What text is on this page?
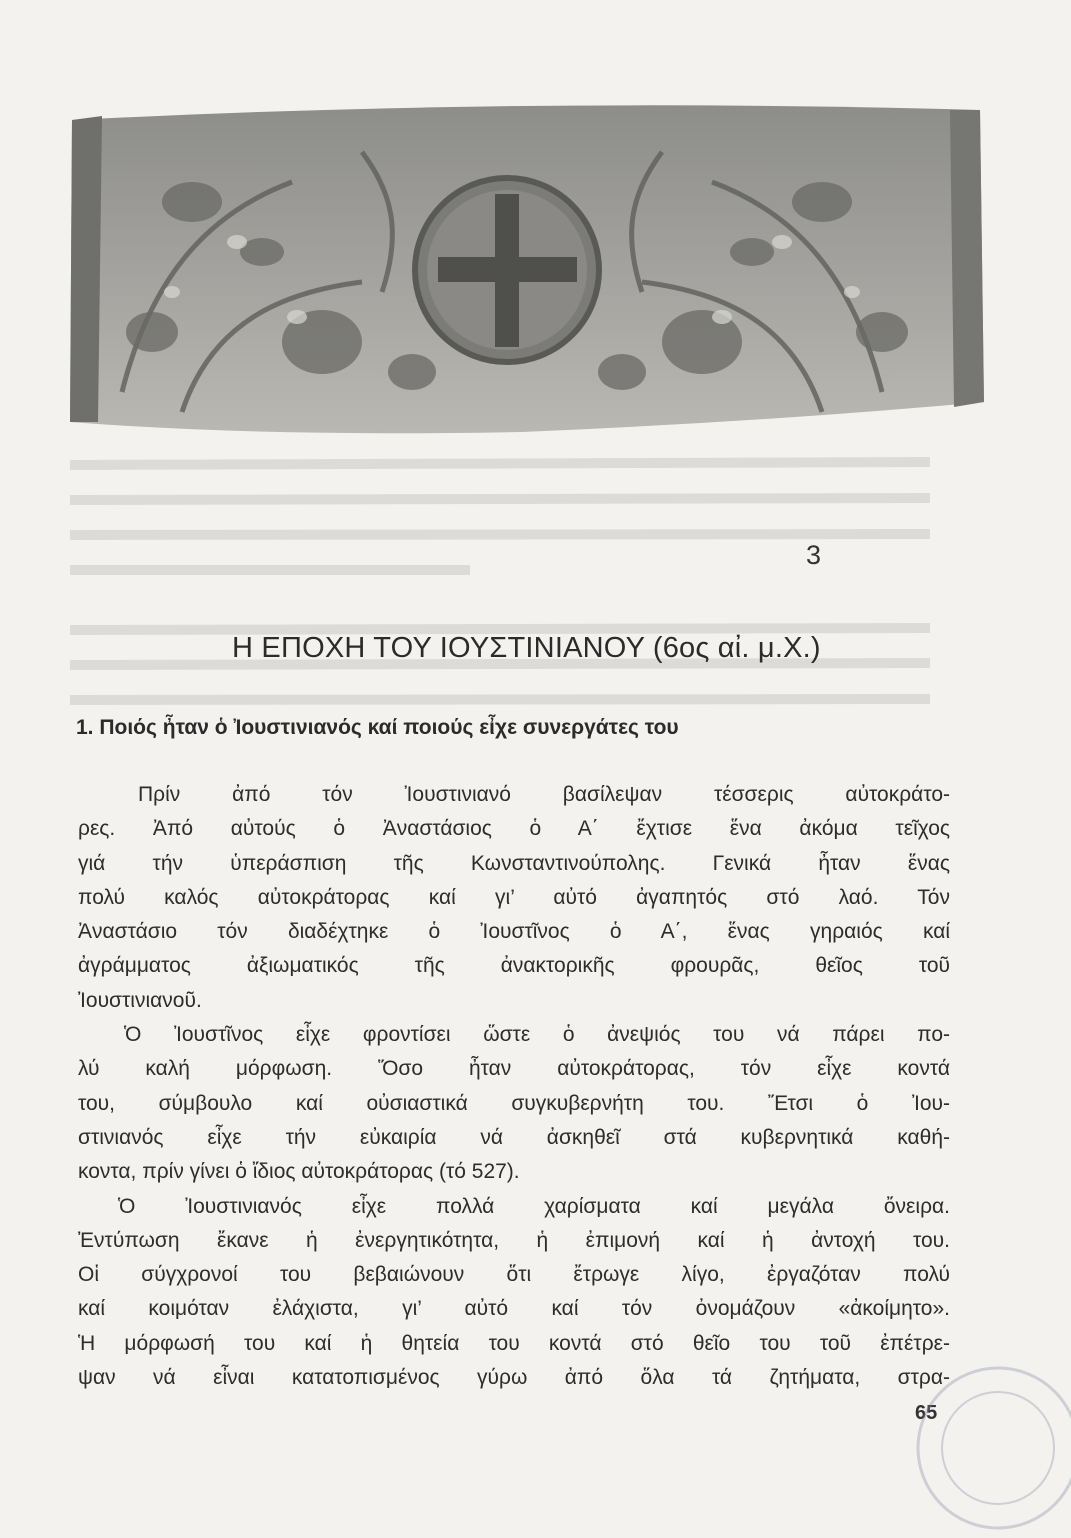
3
Η ΕΠΟΧΗ ΤΟΥ ΙΟΥΣΤΙΝΙΑΝΟΥ (6ος αἰ. μ.Χ.)
1. Ποιός ἦταν ὁ Ἰουστινιανός καί ποιούς εἶχε συνεργάτες του
Πρίν ἀπό τόν Ἰουστινιανό βασίλεψαν τέσσερις αὐτοκράτο-
ρες. Ἀπό αὐτούς ὁ Ἀναστάσιος ὁ Α΄ ἔχτισε ἕνα ἀκόμα τεῖχος
γιά τήν ὑπεράσπιση τῆς Κωνσταντινούπολης. Γενικά ἦταν ἕνας
πολύ καλός αὐτοκράτορας καί γι’ αὐτό ἀγαπητός στό λαό. Τόν
Ἀναστάσιο τόν διαδέχτηκε ὁ Ἰουστῖνος ὁ Α΄, ἕνας γηραιός καί
ἀγράμματος ἀξιωματικός τῆς ἀνακτορικῆς φρουρᾶς, θεῖος τοῦ
Ἰουστινιανοῦ.
Ὁ Ἰουστῖνος εἶχε φροντίσει ὥστε ὁ ἀνεψιός του νά πάρει πο-
λύ καλή μόρφωση. Ὅσο ἦταν αὐτοκράτορας, τόν εἶχε κοντά
του, σύμβουλο καί οὐσιαστικά συγκυβερνήτη του. Ἔτσι ὁ Ἰου-
στινιανός εἶχε τήν εὐκαιρία νά ἀσκηθεῖ στά κυβερνητικά καθή-
κοντα, πρίν γίνει ὁ ἴδιος αὐτοκράτορας (τό 527).
Ὁ Ἰουστινιανός εἶχε πολλά χαρίσματα καί μεγάλα ὄνειρα.
Ἐντύπωση ἔκανε ἡ ἐνεργητικότητα, ἡ ἐπιμονή καί ἡ ἀντοχή του.
Οἱ σύγχρονοί του βεβαιώνουν ὅτι ἔτρωγε λίγο, ἐργαζόταν πολύ
καί κοιμόταν ἐλάχιστα, γι’ αὐτό καί τόν ὀνομάζουν «ἀκοίμητο».
Ἡ μόρφωσή του καί ἡ θητεία του κοντά στό θεῖο του τοῦ ἐπέτρε-
ψαν νά εἶναι κατατοπισμένος γύρω ἀπό ὅλα τά ζητήματα, στρα-
65
